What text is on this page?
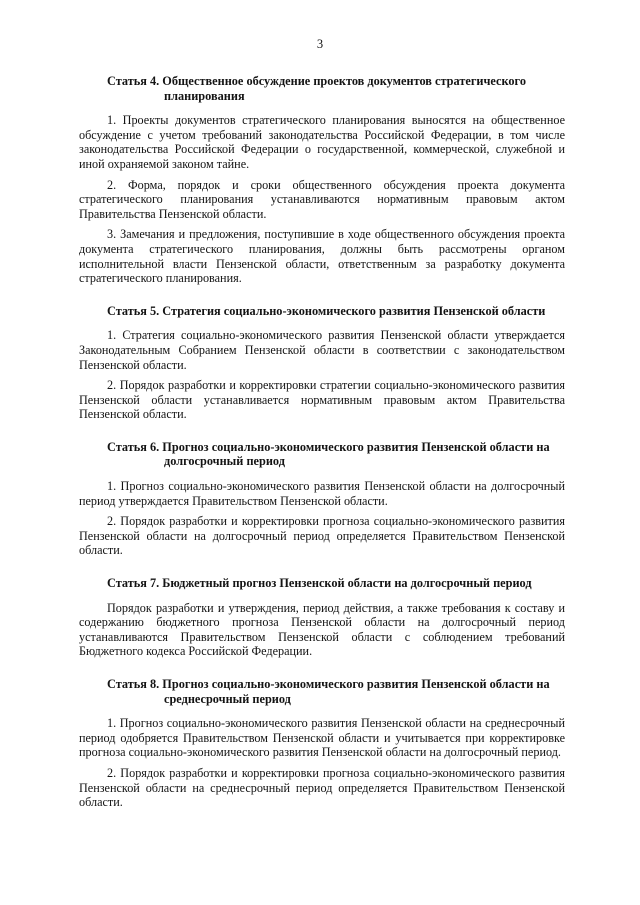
3
Статья 4. Общественное обсуждение проектов документов стратегического планирования

1. Проекты документов стратегического планирования выносятся на общественное обсуждение с учетом требований законодательства Российской Федерации, в том числе законодательства Российской Федерации о государственной, коммерческой, служебной и иной охраняемой законом тайне.

2. Форма, порядок и сроки общественного обсуждения проекта документа стратегического планирования устанавливаются нормативным правовым актом Правительства Пензенской области.

3. Замечания и предложения, поступившие в ходе общественного обсуждения проекта документа стратегического планирования, должны быть рассмотрены органом исполнительной власти Пензенской области, ответственным за разработку документа стратегического планирования.

Статья 5. Стратегия социально-экономического развития Пензенской области

1. Стратегия социально-экономического развития Пензенской области утверждается Законодательным Собранием Пензенской области в соответствии с законодательством Пензенской области.

2. Порядок разработки и корректировки стратегии социально-экономического развития Пензенской области устанавливается нормативным правовым актом Правительства Пензенской области.

Статья 6. Прогноз социально-экономического развития Пензенской области на долгосрочный период

1. Прогноз социально-экономического развития Пензенской области на долгосрочный период утверждается Правительством Пензенской области.

2. Порядок разработки и корректировки прогноза социально-экономического развития Пензенской области на долгосрочный период определяется Правительством Пензенской области.

Статья 7. Бюджетный прогноз Пензенской области на долгосрочный период

Порядок разработки и утверждения, период действия, а также требования к составу и содержанию бюджетного прогноза Пензенской области на долгосрочный период устанавливаются Правительством Пензенской области с соблюдением требований Бюджетного кодекса Российской Федерации.

Статья 8. Прогноз социально-экономического развития Пензенской области на среднесрочный период

1. Прогноз социально-экономического развития Пензенской области на среднесрочный период одобряется Правительством Пензенской области и учитывается при корректировке прогноза социально-экономического развития Пензенской области на долгосрочный период.

2. Порядок разработки и корректировки прогноза социально-экономического развития Пензенской области на среднесрочный период определяется Правительством Пензенской области.
